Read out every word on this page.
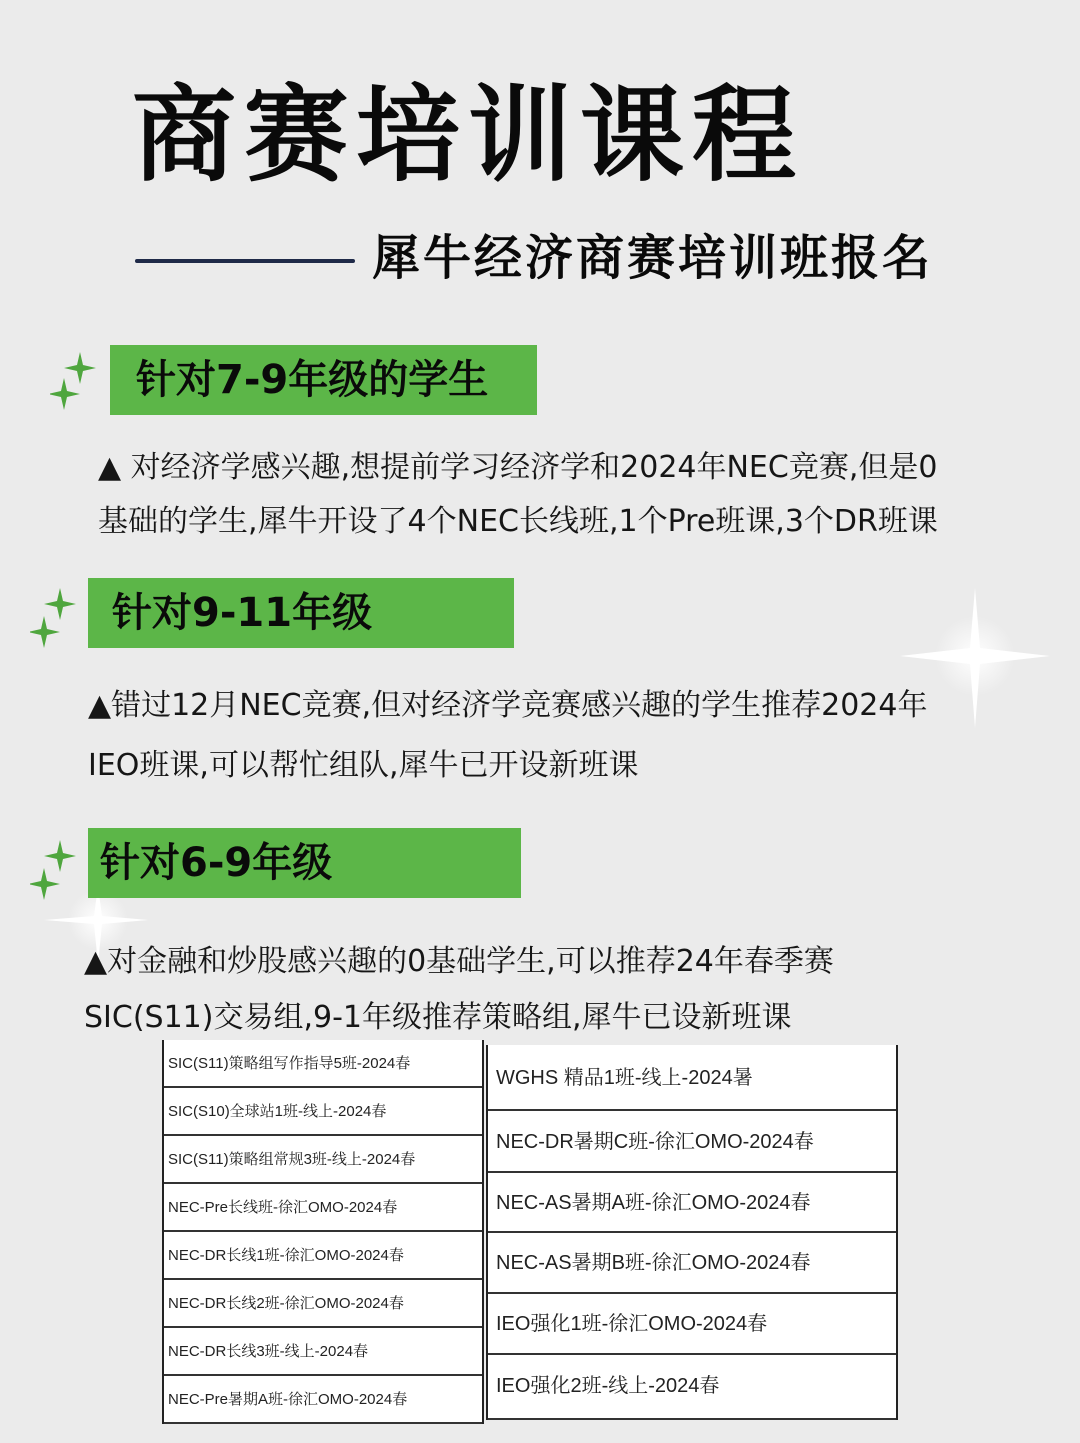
商赛培训课程
犀牛经济商赛培训班报名
针对7-9年级的学生
▲ 对经济学感兴趣,想提前学习经济学和2024年NEC竞赛,但是0
基础的学生,犀牛开设了4个NEC长线班,1个Pre班课,3个DR班课
针对9-11年级
▲错过12月NEC竞赛,但对经济学竞赛感兴趣的学生推荐2024年
IEO班课,可以帮忙组队,犀牛已开设新班课
针对6-9年级
▲对金融和炒股感兴趣的0基础学生,可以推荐24年春季赛
SIC(S11)交易组,9-1年级推荐策略组,犀牛已设新班课
SIC(S11)策略组写作指导5班-2024春
SIC(S10)全球站1班-线上-2024春
SIC(S11)策略组常规3班-线上-2024春
NEC-Pre长线班-徐汇OMO-2024春
NEC-DR长线1班-徐汇OMO-2024春
NEC-DR长线2班-徐汇OMO-2024春
NEC-DR长线3班-线上-2024春
NEC-Pre暑期A班-徐汇OMO-2024春
WGHS 精品1班-线上-2024暑
NEC-DR暑期C班-徐汇OMO-2024春
NEC-AS暑期A班-徐汇OMO-2024春
NEC-AS暑期B班-徐汇OMO-2024春
IEO强化1班-徐汇OMO-2024春
IEO强化2班-线上-2024春
